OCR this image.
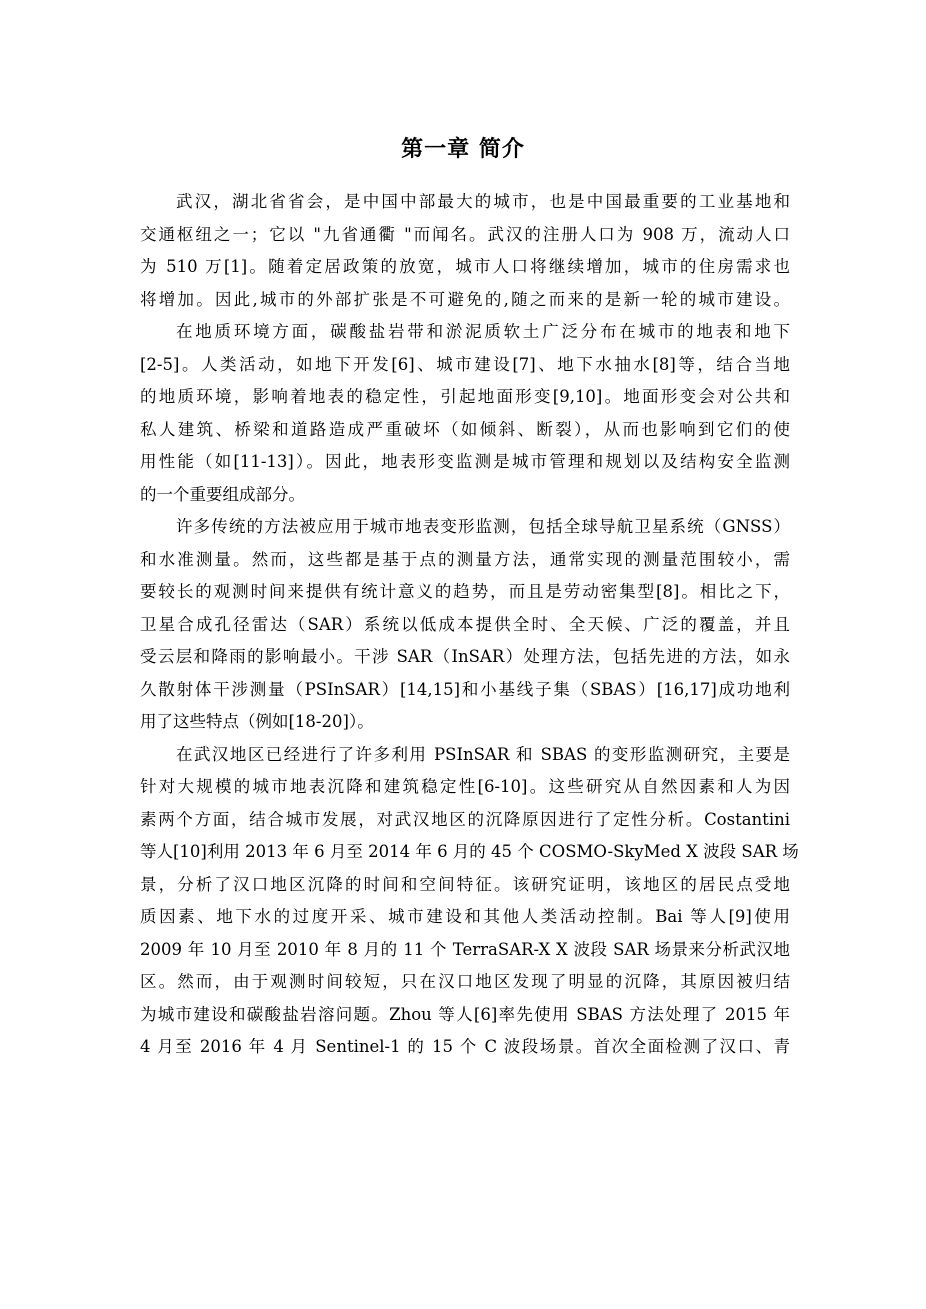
第一章 简介
武汉，湖北省省会，是中国中部最大的城市，也是中国最重要的工业基地和
交通枢纽之一；它以 "九省通衢 "而闻名。武汉的注册人口为 908 万，流动人口
为 510 万[1]。随着定居政策的放宽，城市人口将继续增加，城市的住房需求也
将增加。因此,城市的外部扩张是不可避免的,随之而来的是新一轮的城市建设。
在地质环境方面，碳酸盐岩带和淤泥质软土广泛分布在城市的地表和地下
[2-5]。人类活动，如地下开发[6]、城市建设[7]、地下水抽水[8]等，结合当地
的地质环境，影响着地表的稳定性，引起地面形变[9,10]。地面形变会对公共和
私人建筑、桥梁和道路造成严重破坏（如倾斜、断裂），从而也影响到它们的使
用性能（如[11-13]）。因此，地表形变监测是城市管理和规划以及结构安全监测
的一个重要组成部分。
许多传统的方法被应用于城市地表变形监测，包括全球导航卫星系统（GNSS）
和水准测量。然而，这些都是基于点的测量方法，通常实现的测量范围较小，需
要较长的观测时间来提供有统计意义的趋势，而且是劳动密集型[8]。相比之下，
卫星合成孔径雷达（SAR）系统以低成本提供全时、全天候、广泛的覆盖，并且
受云层和降雨的影响最小。干涉 SAR（InSAR）处理方法，包括先进的方法，如永
久散射体干涉测量（PSInSAR）[14,15]和小基线子集（SBAS）[16,17]成功地利
用了这些特点（例如[18-20]）。
在武汉地区已经进行了许多利用 PSInSAR 和 SBAS 的变形监测研究，主要是
针对大规模的城市地表沉降和建筑稳定性[6-10]。这些研究从自然因素和人为因
素两个方面，结合城市发展，对武汉地区的沉降原因进行了定性分析。Costantini
等人[10]利用 2013 年 6 月至 2014 年 6 月的 45 个 COSMO-SkyMed X 波段 SAR 场
景，分析了汉口地区沉降的时间和空间特征。该研究证明，该地区的居民点受地
质因素、地下水的过度开采、城市建设和其他人类活动控制。Bai 等人[9]使用
2009 年 10 月至 2010 年 8 月的 11 个 TerraSAR-X X 波段 SAR 场景来分析武汉地
区。然而，由于观测时间较短，只在汉口地区发现了明显的沉降，其原因被归结
为城市建设和碳酸盐岩溶问题。Zhou 等人[6]率先使用 SBAS 方法处理了 2015 年
4 月至 2016 年 4 月 Sentinel-1 的 15 个 C 波段场景。首次全面检测了汉口、青
